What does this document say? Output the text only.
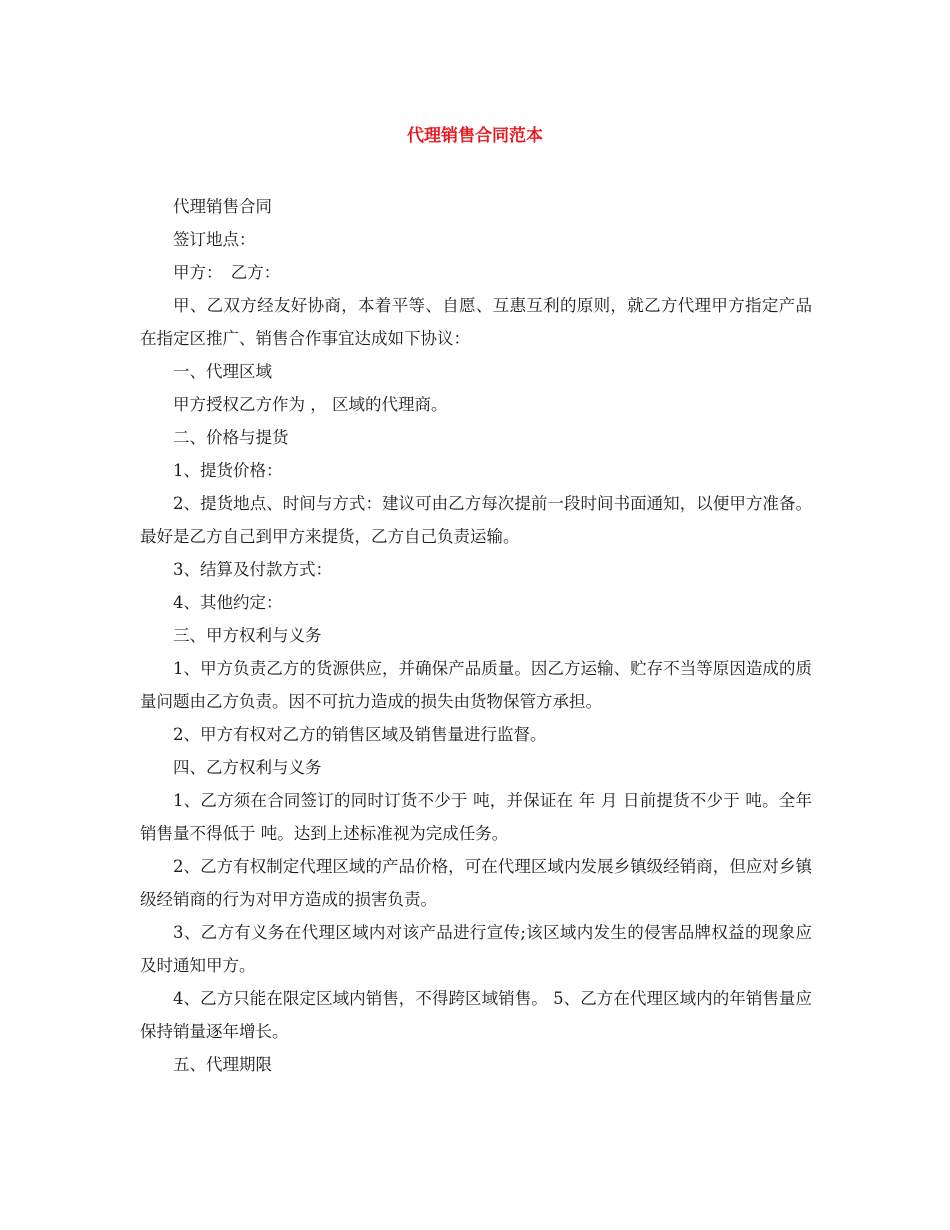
代理销售合同范本

代理销售合同

签订地点：

甲方：　乙方：

甲、乙双方经友好协商，本着平等、自愿、互惠互利的原则，就乙方代理甲方指定产品在指定区推广、销售合作事宜达成如下协议：

一、代理区域

甲方授权乙方作为 ， 区域的代理商。

二、价格与提货

1、提货价格：

2、提货地点、时间与方式：建议可由乙方每次提前一段时间书面通知，以便甲方准备。最好是乙方自己到甲方来提货，乙方自己负责运输。

3、结算及付款方式：

4、其他约定：

三、甲方权利与义务

1、甲方负责乙方的货源供应，并确保产品质量。因乙方运输、贮存不当等原因造成的质量问题由乙方负责。因不可抗力造成的损失由货物保管方承担。

2、甲方有权对乙方的销售区域及销售量进行监督。

四、乙方权利与义务

1、乙方须在合同签订的同时订货不少于 吨，并保证在 年 月 日前提货不少于 吨。全年销售量不得低于 吨。达到上述标准视为完成任务。

2、乙方有权制定代理区域的产品价格，可在代理区域内发展乡镇级经销商，但应对乡镇级经销商的行为对甲方造成的损害负责。

3、乙方有义务在代理区域内对该产品进行宣传;该区域内发生的侵害品牌权益的现象应及时通知甲方。

4、乙方只能在限定区域内销售，不得跨区域销售。 5、乙方在代理区域内的年销售量应保持销量逐年增长。

五、代理期限
